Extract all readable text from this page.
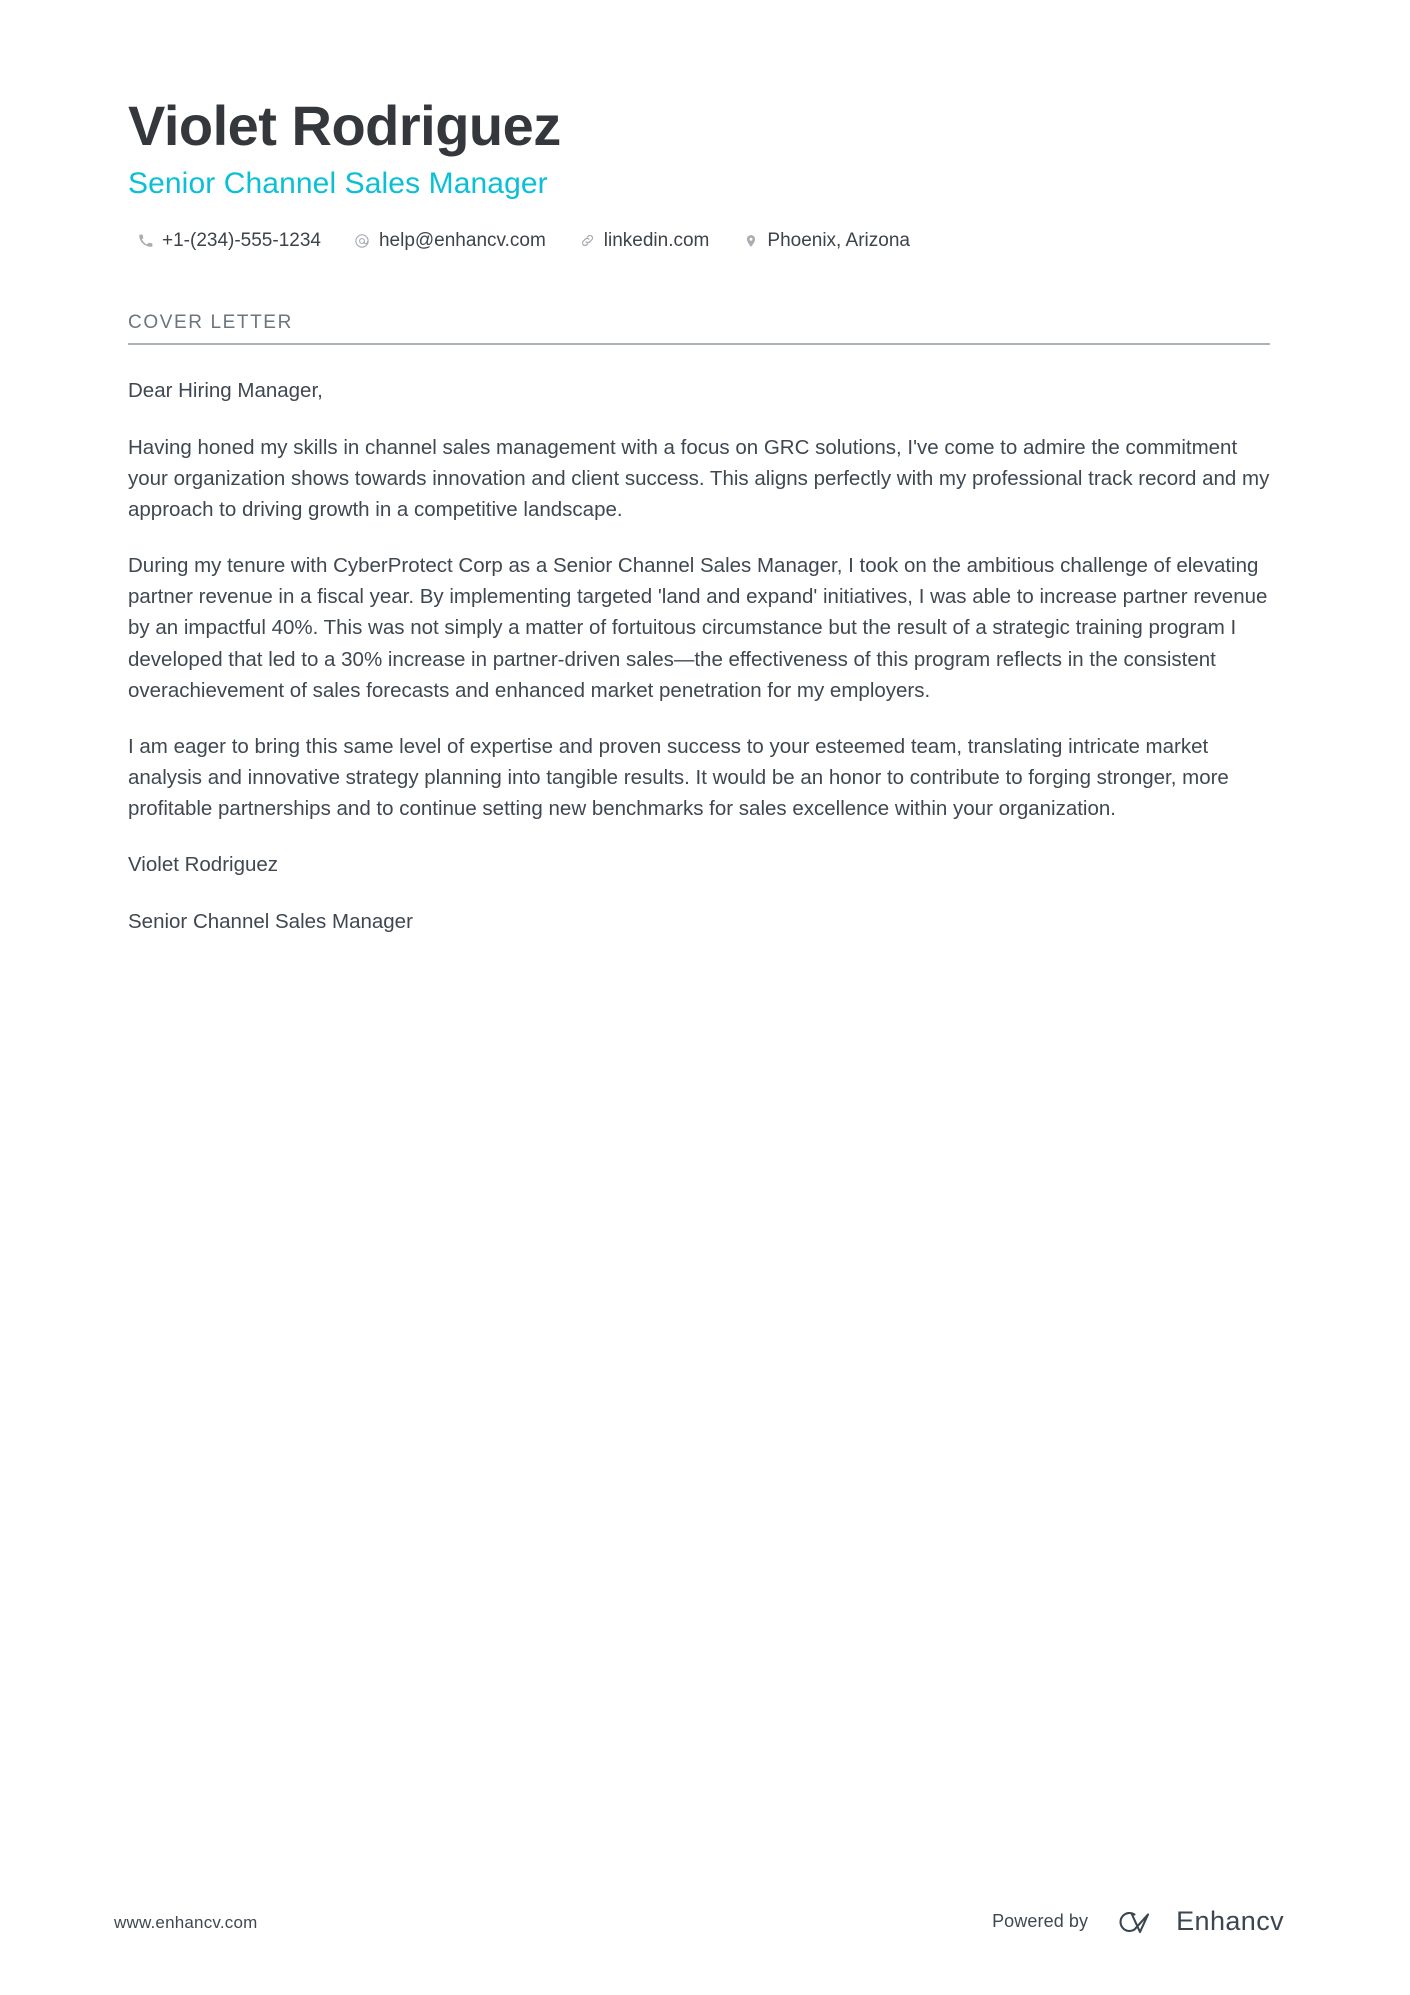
Violet Rodriguez
Senior Channel Sales Manager
+1-(234)-555-1234	help@enhancv.com	linkedin.com	Phoenix, Arizona
COVER LETTER

Dear Hiring Manager,

Having honed my skills in channel sales management with a focus on GRC solutions, I've come to admire the commitment your organization shows towards innovation and client success. This aligns perfectly with my professional track record and my approach to driving growth in a competitive landscape.

During my tenure with CyberProtect Corp as a Senior Channel Sales Manager, I took on the ambitious challenge of elevating partner revenue in a fiscal year. By implementing targeted 'land and expand' initiatives, I was able to increase partner revenue by an impactful 40%. This was not simply a matter of fortuitous circumstance but the result of a strategic training program I developed that led to a 30% increase in partner-driven sales—the effectiveness of this program reflects in the consistent overachievement of sales forecasts and enhanced market penetration for my employers.

I am eager to bring this same level of expertise and proven success to your esteemed team, translating intricate market analysis and innovative strategy planning into tangible results. It would be an honor to contribute to forging stronger, more profitable partnerships and to continue setting new benchmarks for sales excellence within your organization.

Violet Rodriguez

Senior Channel Sales Manager

www.enhancv.com	Powered by	Enhancv
